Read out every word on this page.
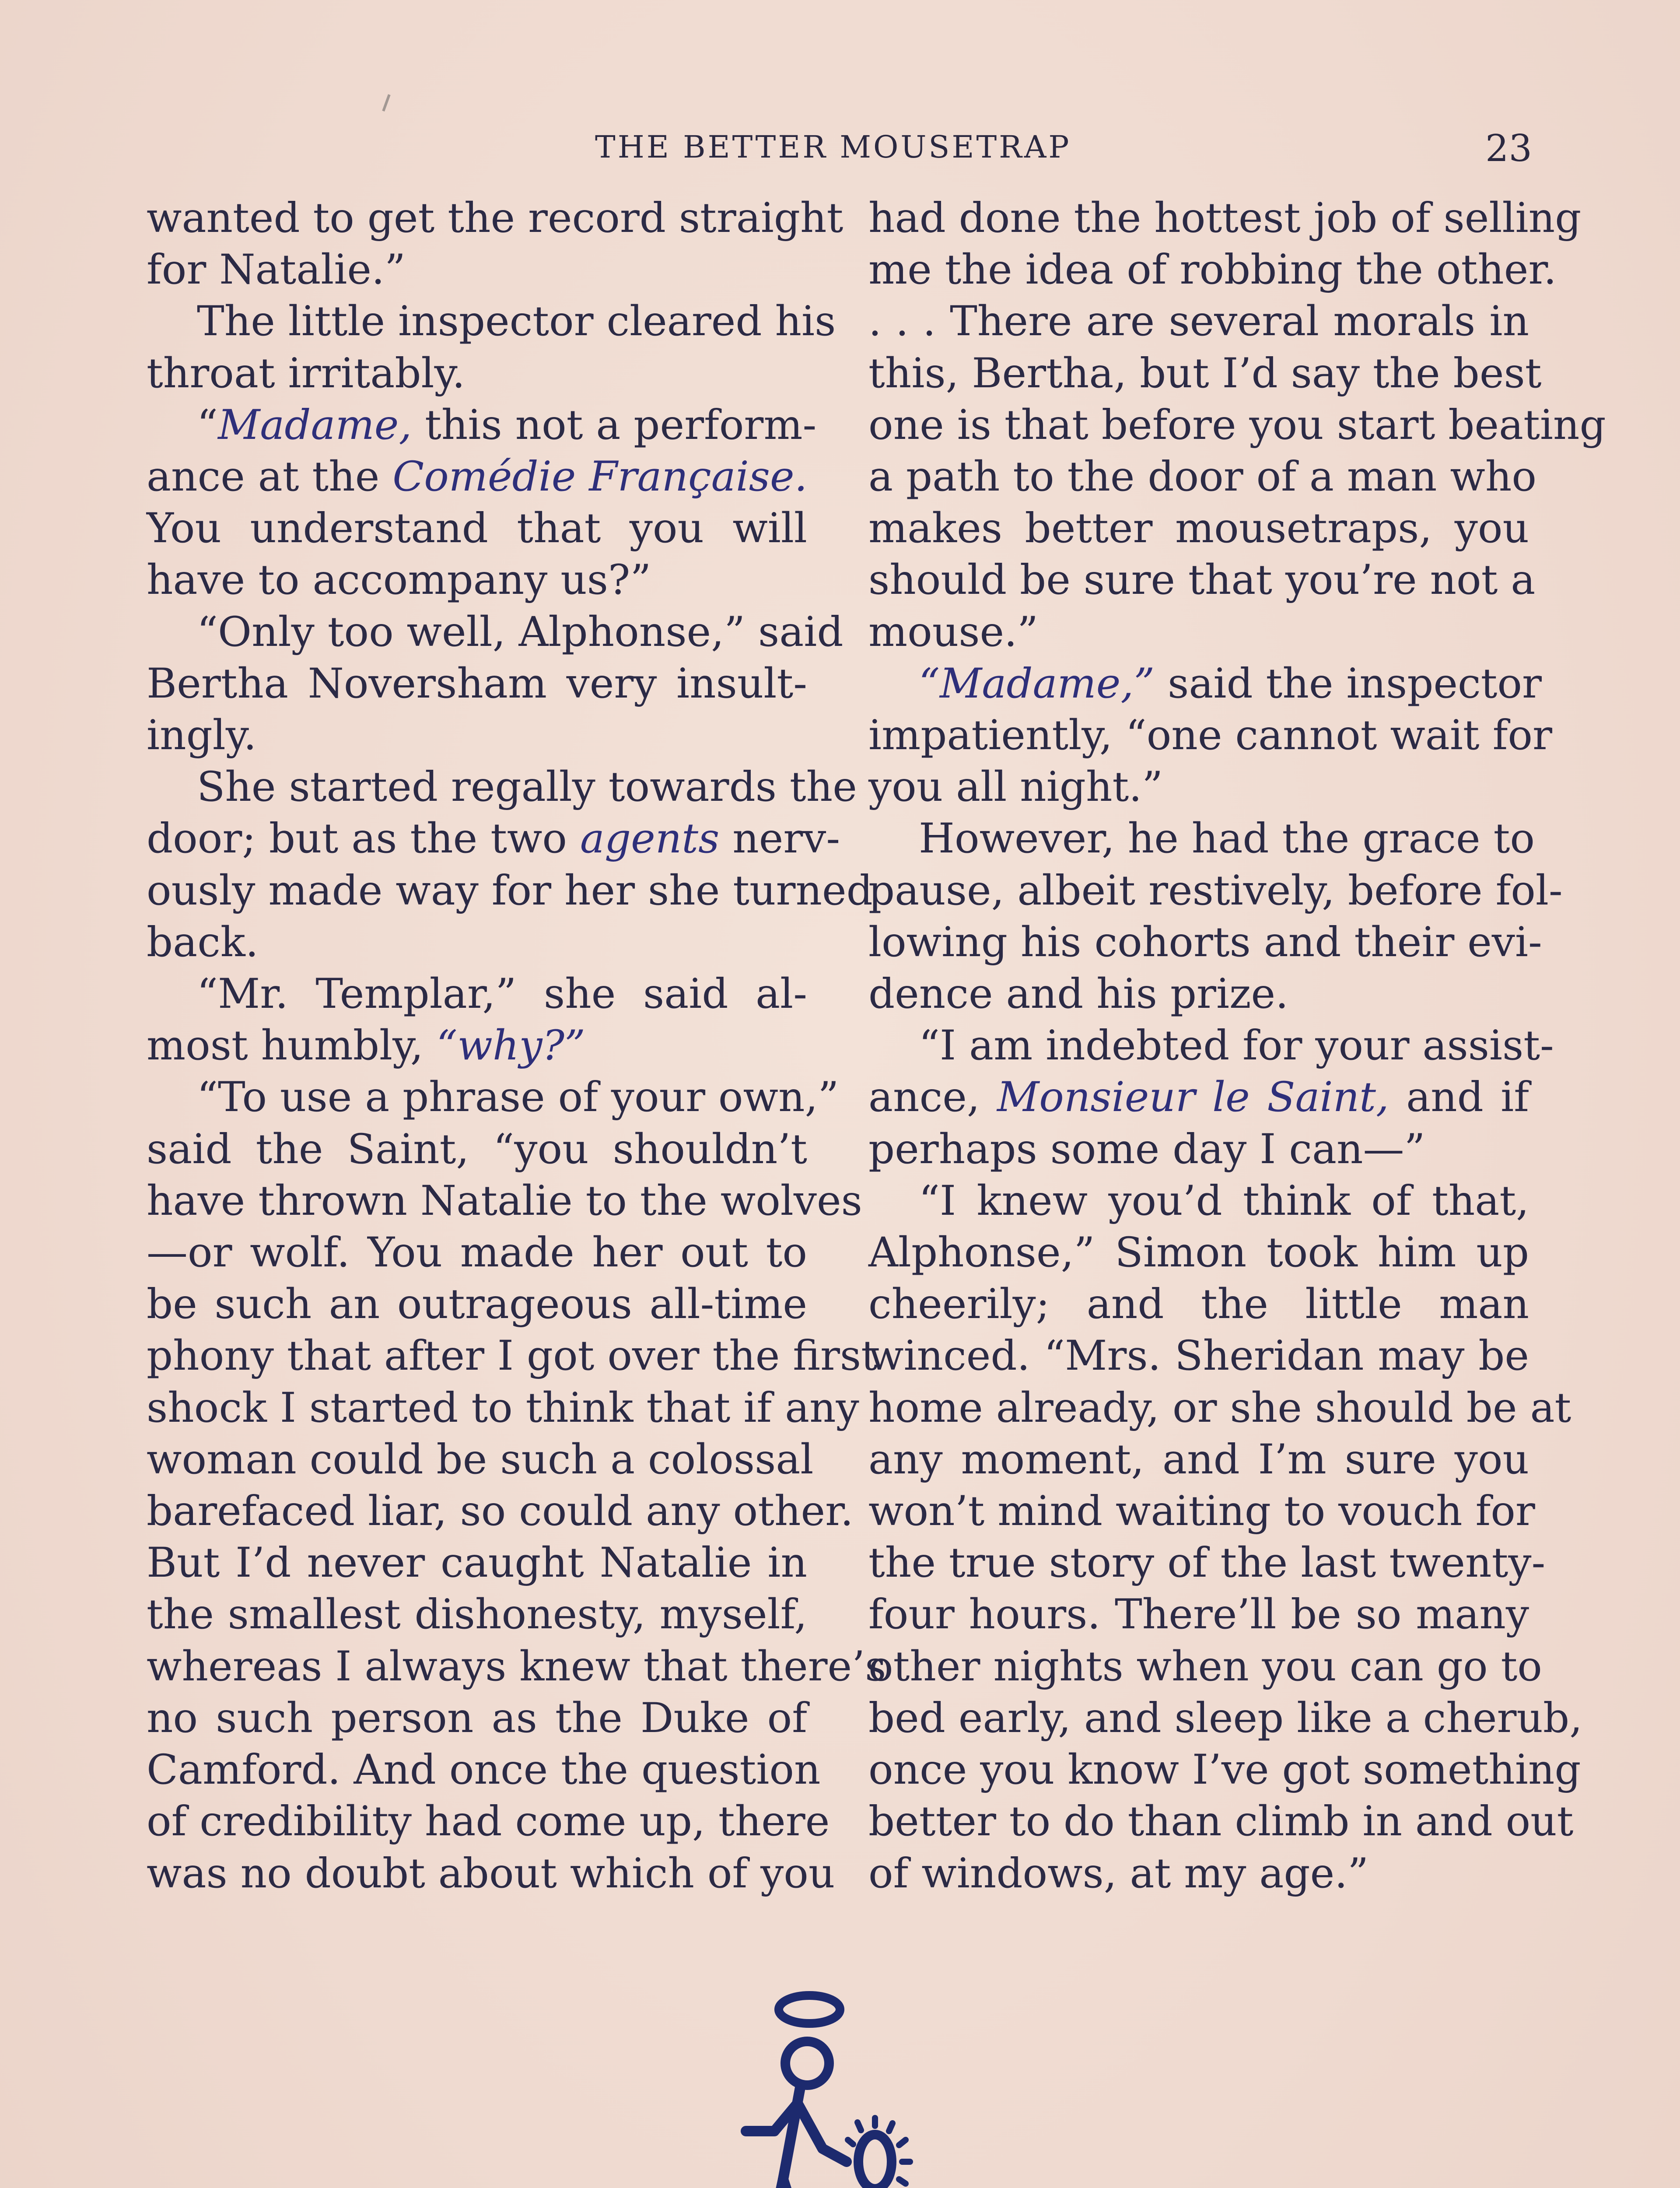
THE BETTER MOUSETRAP	23

wanted to get the record straight
for Natalie.”

The little inspector cleared his
throat irritably.

“Madame, this not a perform-
ance at the Comédie Française.
You understand that you will
have to accompany us?”

“Only too well, Alphonse,” said
Bertha Noversham very insult-
ingly.

She started regally towards the
door; but as the two agents nerv-
ously made way for her she turned
back.

“Mr. Templar,” she said al-
most humbly, “why?”

“To use a phrase of your own,”
said the Saint, “you shouldn’t
have thrown Natalie to the wolves
—or wolf. You made her out to
be such an outrageous all-time
phony that after I got over the first
shock I started to think that if any
woman could be such a colossal
barefaced liar, so could any other.
But I’d never caught Natalie in
the smallest dishonesty, myself,
whereas I always knew that there’s
no such person as the Duke of
Camford. And once the question
of credibility had come up, there
was no doubt about which of you

had done the hottest job of selling
me the idea of robbing the other.
. . . There are several morals in
this, Bertha, but I’d say the best
one is that before you start beating
a path to the door of a man who
makes better mousetraps, you
should be sure that you’re not a
mouse.”

“Madame,” said the inspector
impatiently, “one cannot wait for
you all night.”

However, he had the grace to
pause, albeit restively, before fol-
lowing his cohorts and their evi-
dence and his prize.

“I am indebted for your assist-
ance, Monsieur le Saint, and if
perhaps some day I can—”

“I knew you’d think of that,
Alphonse,” Simon took him up
cheerily; and the little man
winced. “Mrs. Sheridan may be
home already, or she should be at
any moment, and I’m sure you
won’t mind waiting to vouch for
the true story of the last twenty-
four hours. There’ll be so many
other nights when you can go to
bed early, and sleep like a cherub,
once you know I’ve got something
better to do than climb in and out
of windows, at my age.”
